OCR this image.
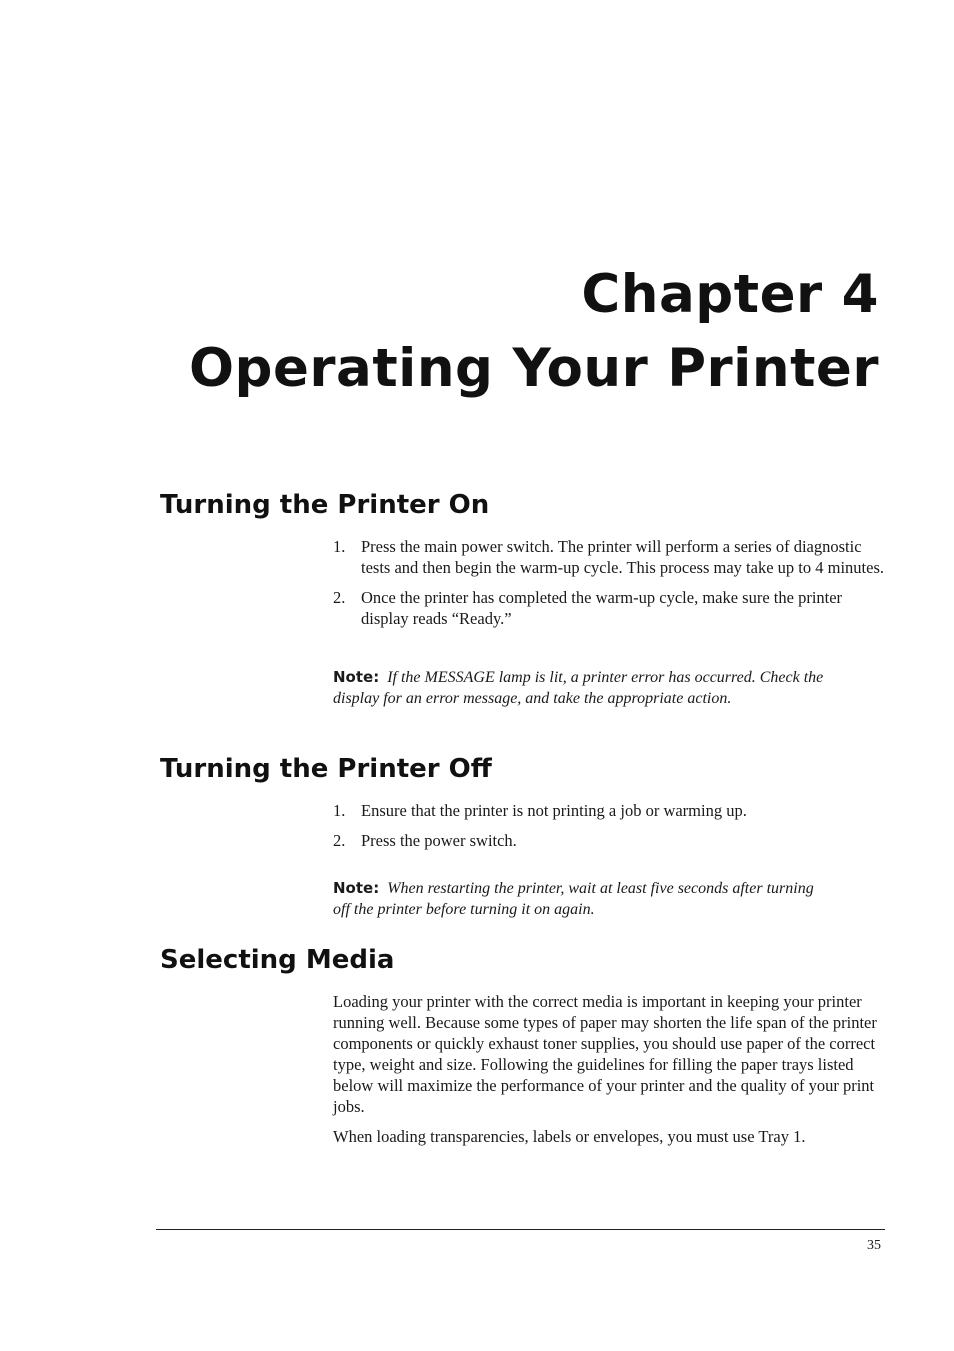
Chapter 4
Operating Your Printer
Turning the Printer On
1. Press the main power switch. The printer will perform a series of diagnostic tests and then begin the warm-up cycle. This process may take up to 4 minutes.
2. Once the printer has completed the warm-up cycle, make sure the printer display reads “Ready.”
Note: If the MESSAGE lamp is lit, a printer error has occurred. Check the display for an error message, and take the appropriate action.
Turning the Printer Off
1. Ensure that the printer is not printing a job or warming up.
2. Press the power switch.
Note: When restarting the printer, wait at least five seconds after turning off the printer before turning it on again.
Selecting Media

Loading your printer with the correct media is important in keeping your printer running well. Because some types of paper may shorten the life span of the printer components or quickly exhaust toner supplies, you should use paper of the correct type, weight and size. Following the guidelines for filling the paper trays listed below will maximize the performance of your printer and the quality of your print jobs.

When loading transparencies, labels or envelopes, you must use Tray 1.

35
